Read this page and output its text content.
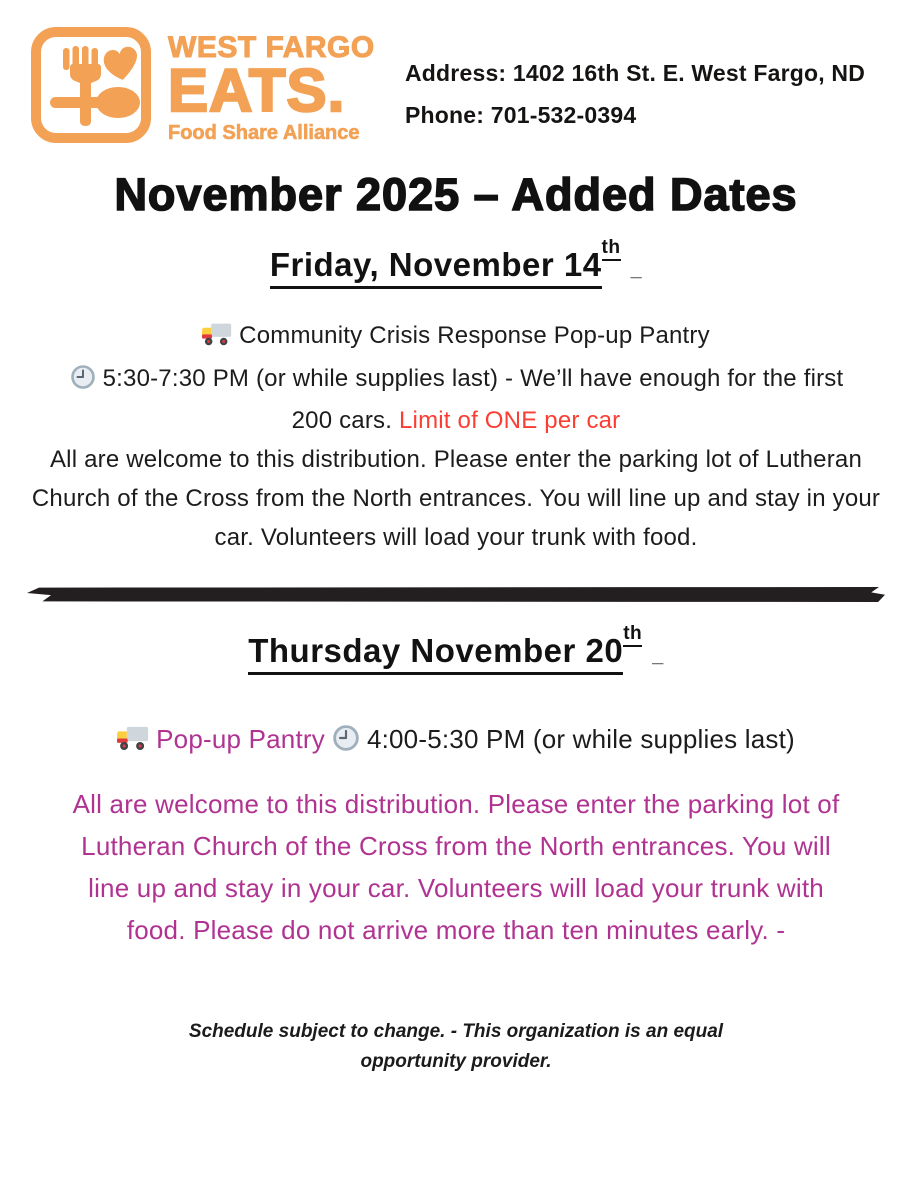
WEST FARGO
EATS.
Food Share Alliance
Address: 1402 16th St. E. West Fargo, ND
Phone: 701-532-0394
November 2025 – Added Dates
Friday, November 14th_

Community Crisis Response Pop-up Pantry

5:30-7:30 PM (or while supplies last) - We’ll have enough for the first 200 cars. Limit of ONE per car

All are welcome to this distribution. Please enter the parking lot of Lutheran Church of the Cross from the North entrances. You will line up and stay in your car. Volunteers will load your trunk with food.

Thursday November 20th_

Pop-up Pantry 4:00-5:30 PM (or while supplies last)

All are welcome to this distribution. Please enter the parking lot of Lutheran Church of the Cross from the North entrances. You will line up and stay in your car. Volunteers will load your trunk with food. Please do not arrive more than ten minutes early. -

Schedule subject to change. - This organization is an equal opportunity provider.
